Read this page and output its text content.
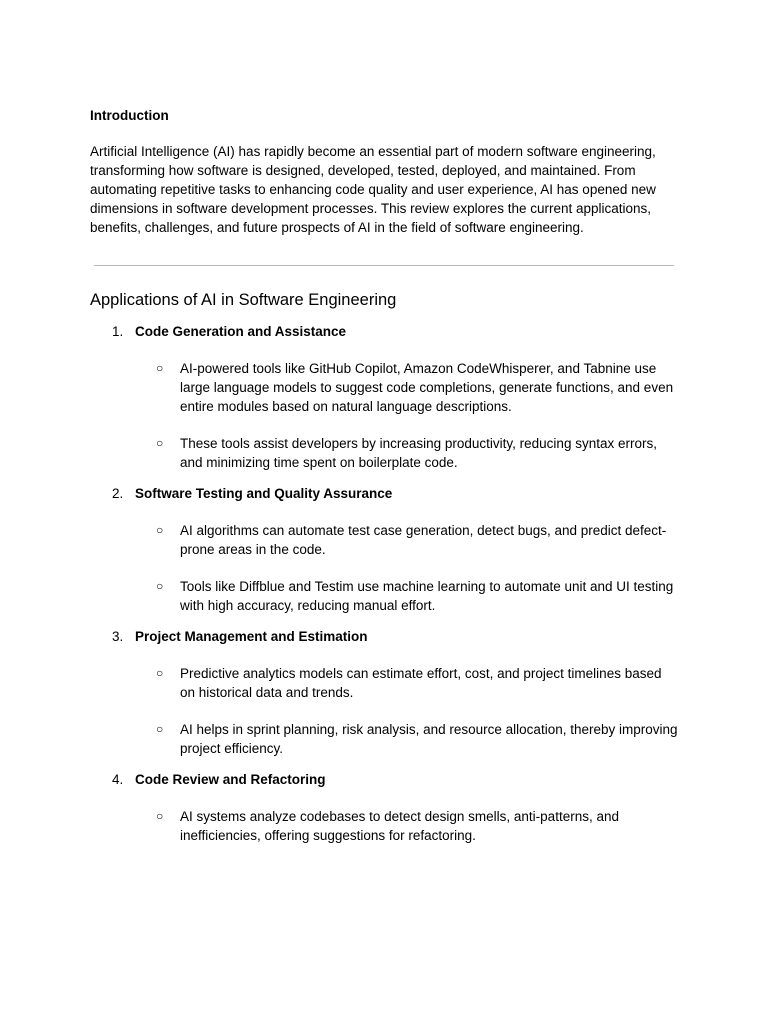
Introduction

Artificial Intelligence (AI) has rapidly become an essential part of modern software engineering, transforming how software is designed, developed, tested, deployed, and maintained. From automating repetitive tasks to enhancing code quality and user experience, AI has opened new dimensions in software development processes. This review explores the current applications, benefits, challenges, and future prospects of AI in the field of software engineering.

Applications of AI in Software Engineering
1. Code Generation and Assistance
○	AI-powered tools like GitHub Copilot, Amazon CodeWhisperer, and Tabnine use large language models to suggest code completions, generate functions, and even entire modules based on natural language descriptions.
○	These tools assist developers by increasing productivity, reducing syntax errors, and minimizing time spent on boilerplate code.
2. Software Testing and Quality Assurance
○	AI algorithms can automate test case generation, detect bugs, and predict defect-prone areas in the code.
○	Tools like Diffblue and Testim use machine learning to automate unit and UI testing with high accuracy, reducing manual effort.
3. Project Management and Estimation
○	Predictive analytics models can estimate effort, cost, and project timelines based on historical data and trends.
○	AI helps in sprint planning, risk analysis, and resource allocation, thereby improving project efficiency.
4. Code Review and Refactoring
○	AI systems analyze codebases to detect design smells, anti-patterns, and inefficiencies, offering suggestions for refactoring.
